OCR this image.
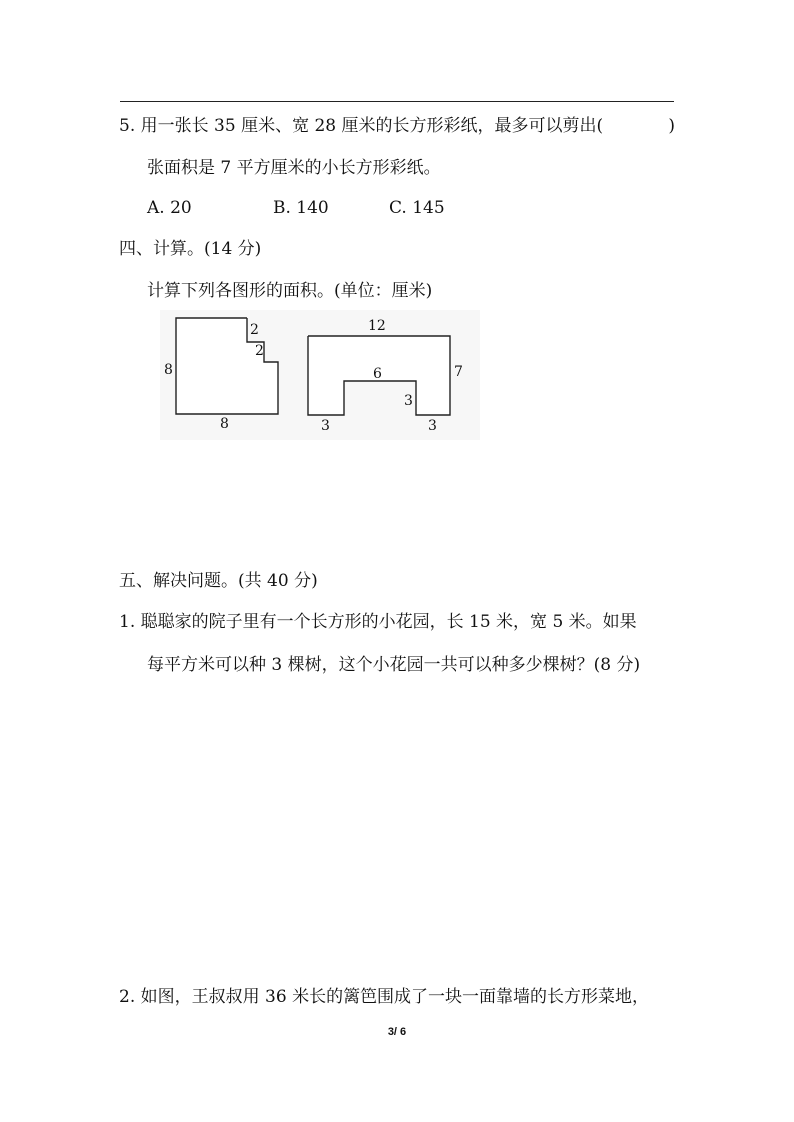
5. 用一张长 35 厘米、宽 28 厘米的长方形彩纸，最多可以剪出(	)
张面积是 7 平方厘米的小长方形彩纸。
A. 20	B. 140	C. 145
四、计算。(14 分)
计算下列各图形的面积。(单位：厘米)
8
8
2
2
12
7
6
3
3	3
五、解决问题。(共 40 分)
1. 聪聪家的院子里有一个长方形的小花园，长 15 米，宽 5 米。如果
每平方米可以种 3 棵树，这个小花园一共可以种多少棵树？(8 分)
2. 如图，王叔叔用 36 米长的篱笆围成了一块一面靠墙的长方形菜地，
3/ 6
